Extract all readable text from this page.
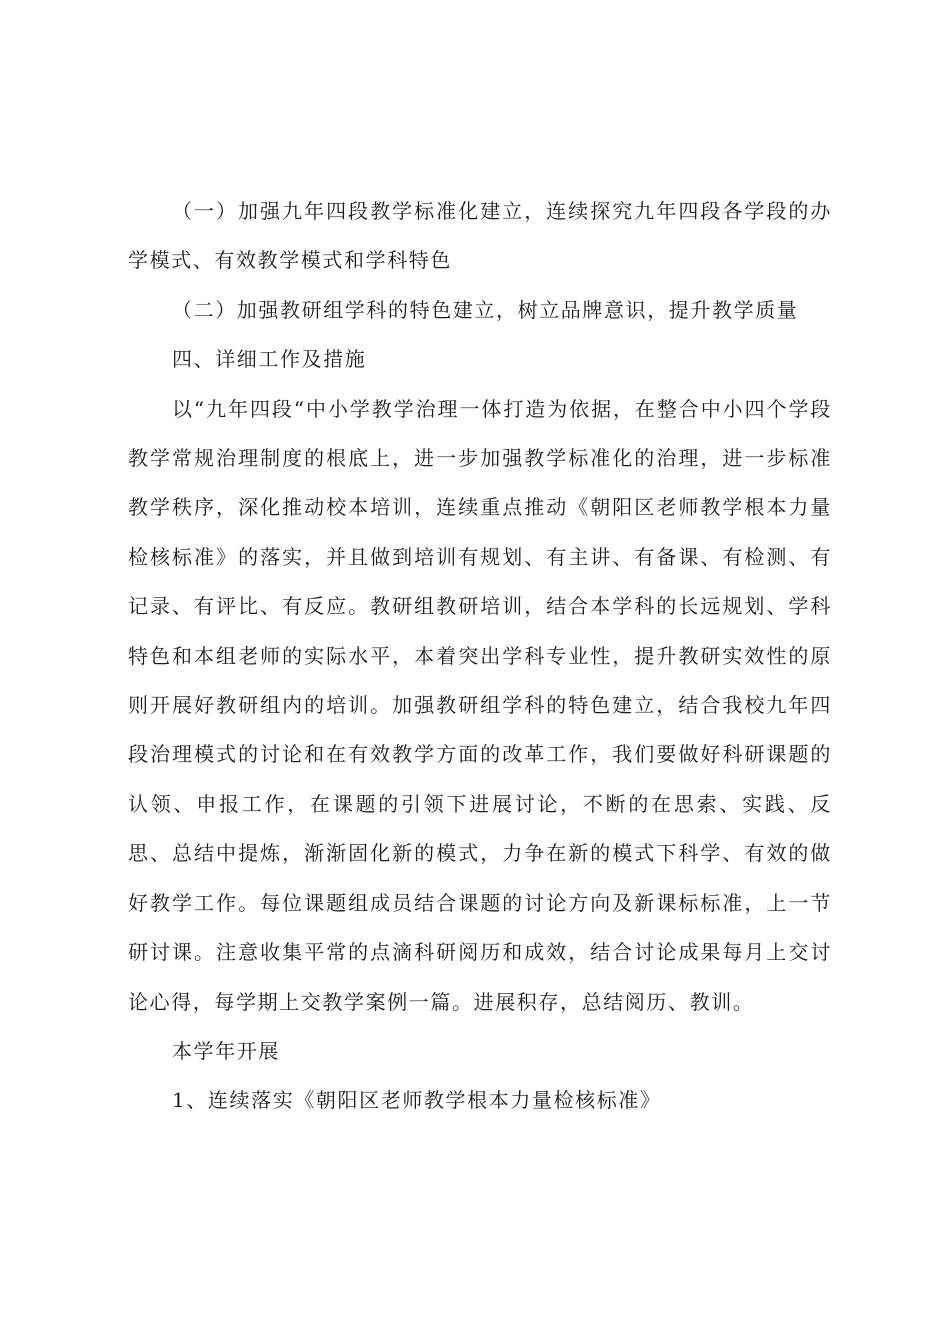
（一）加强九年四段教学标准化建立，连续探究九年四段各学段的办学模式、有效教学模式和学科特色

（二）加强教研组学科的特色建立，树立品牌意识，提升教学质量

四、详细工作及措施

以“九年四段“中小学教学治理一体打造为依据，在整合中小四个学段教学常规治理制度的根底上，进一步加强教学标准化的治理，进一步标准教学秩序，深化推动校本培训，连续重点推动《朝阳区老师教学根本力量检核标准》的落实，并且做到培训有规划、有主讲、有备课、有检测、有记录、有评比、有反应。教研组教研培训，结合本学科的长远规划、学科特色和本组老师的实际水平，本着突出学科专业性，提升教研实效性的原则开展好教研组内的培训。加强教研组学科的特色建立，结合我校九年四段治理模式的讨论和在有效教学方面的改革工作，我们要做好科研课题的认领、申报工作，在课题的引领下进展讨论，不断的在思索、实践、反思、总结中提炼，渐渐固化新的模式，力争在新的模式下科学、有效的做好教学工作。每位课题组成员结合课题的讨论方向及新课标标准，上一节研讨课。注意收集平常的点滴科研阅历和成效，结合讨论成果每月上交讨论心得，每学期上交教学案例一篇。进展积存，总结阅历、教训。

本学年开展

1、连续落实《朝阳区老师教学根本力量检核标准》
